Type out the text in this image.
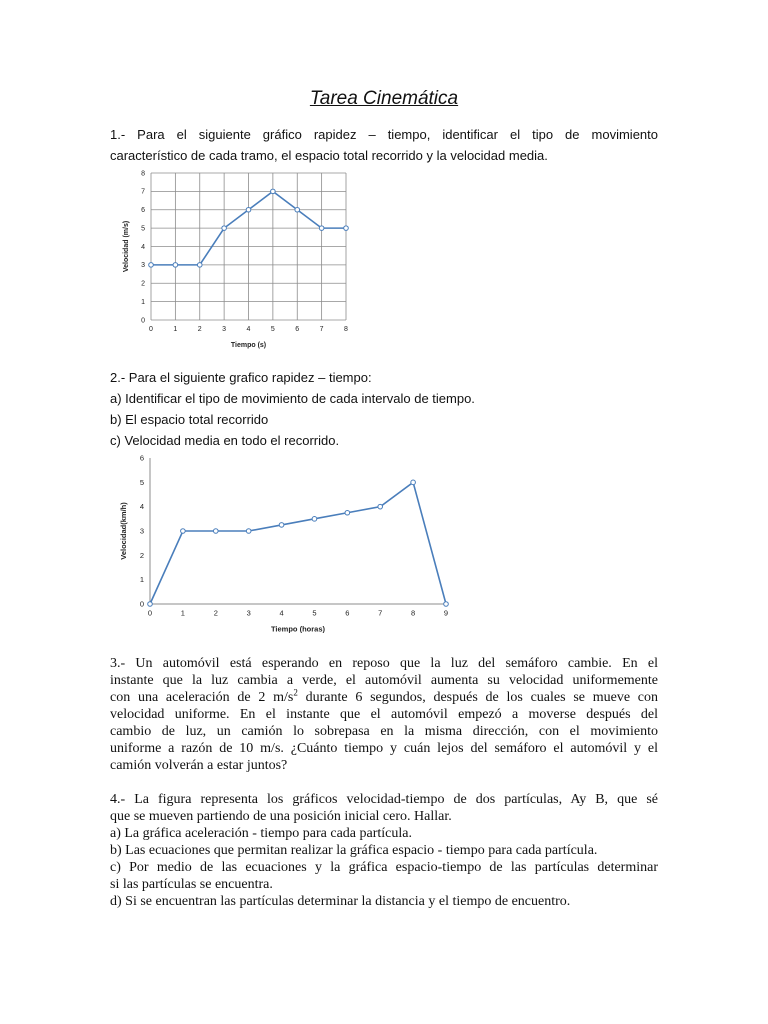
Tarea Cinemática
1.- Para el siguiente gráfico rapidez – tiempo, identificar el tipo de movimiento
característico de cada tramo, el espacio total recorrido y la velocidad media.
0	1	2	3	4	5	6	7	8
0
1
2
3
4
5
6
7
8
Tiempo (s)
Velocidad (m/s)
2.- Para el siguiente grafico rapidez – tiempo:
a) Identificar el tipo de movimiento de cada intervalo de tiempo.
b) El espacio total recorrido
c) Velocidad media en todo el recorrido.
0	1	2	3	4	5	6	7	8	9
0
1
2
3
4
5
6
Tiempo (horas)
Velocidad(km/h)
3.- Un automóvil está esperando en reposo que la luz del semáforo cambie. En el
instante que la luz cambia a verde, el automóvil aumenta su velocidad uniformemente
con una aceleración de 2 $m/s^2$ durante 6 segundos, después de los cuales se mueve con
velocidad uniforme. En el instante que el automóvil empezó a moverse después del
cambio de luz, un camión lo sobrepasa en la misma dirección, con el movimiento
uniforme a razón de 10 m/s. ¿Cuánto tiempo y cuán lejos del semáforo el automóvil y el
camión volverán a estar juntos?
4.- La figura representa los gráficos velocidad-tiempo de dos partículas, Ay B, que sé
que se mueven partiendo de una posición inicial cero. Hallar.
a) La gráfica aceleración - tiempo para cada partícula.
b) Las ecuaciones que permitan realizar la gráfica espacio - tiempo para cada partícula.
c) Por medio de las ecuaciones y la gráfica espacio-tiempo de las partículas determinar
si las partículas se encuentra.
d) Si se encuentran las partículas determinar la distancia y el tiempo de encuentro.
